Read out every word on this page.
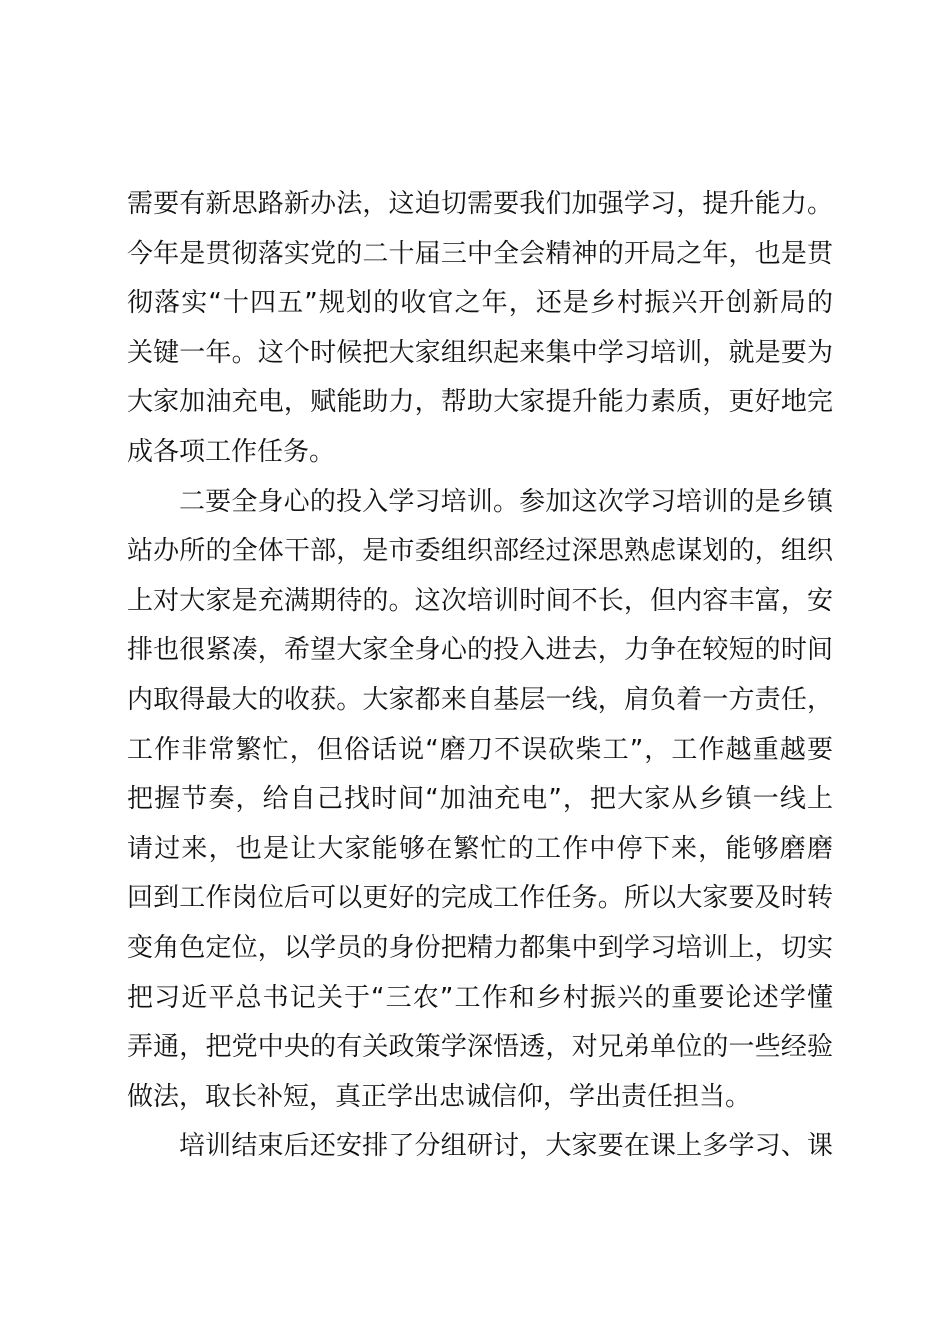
需要有新思路新办法，这迫切需要我们加强学习，提升能力。
今年是贯彻落实党的二十届三中全会精神的开局之年，也是贯
彻落实“十四五”规划的收官之年，还是乡村振兴开创新局的
关键一年。这个时候把大家组织起来集中学习培训，就是要为
大家加油充电，赋能助力，帮助大家提升能力素质，更好地完
成各项工作任务。
二要全身心的投入学习培训。参加这次学习培训的是乡镇
站办所的全体干部，是市委组织部经过深思熟虑谋划的，组织
上对大家是充满期待的。这次培训时间不长，但内容丰富，安
排也很紧凑，希望大家全身心的投入进去，力争在较短的时间
内取得最大的收获。大家都来自基层一线，肩负着一方责任，
工作非常繁忙，但俗话说“磨刀不误砍柴工”，工作越重越要
把握节奏，给自己找时间“加油充电”，把大家从乡镇一线上
请过来，也是让大家能够在繁忙的工作中停下来，能够磨磨
回到工作岗位后可以更好的完成工作任务。所以大家要及时转
变角色定位，以学员的身份把精力都集中到学习培训上，切实
把习近平总书记关于“三农”工作和乡村振兴的重要论述学懂
弄通，把党中央的有关政策学深悟透，对兄弟单位的一些经验
做法，取长补短，真正学出忠诚信仰，学出责任担当。
培训结束后还安排了分组研讨，大家要在课上多学习、课
